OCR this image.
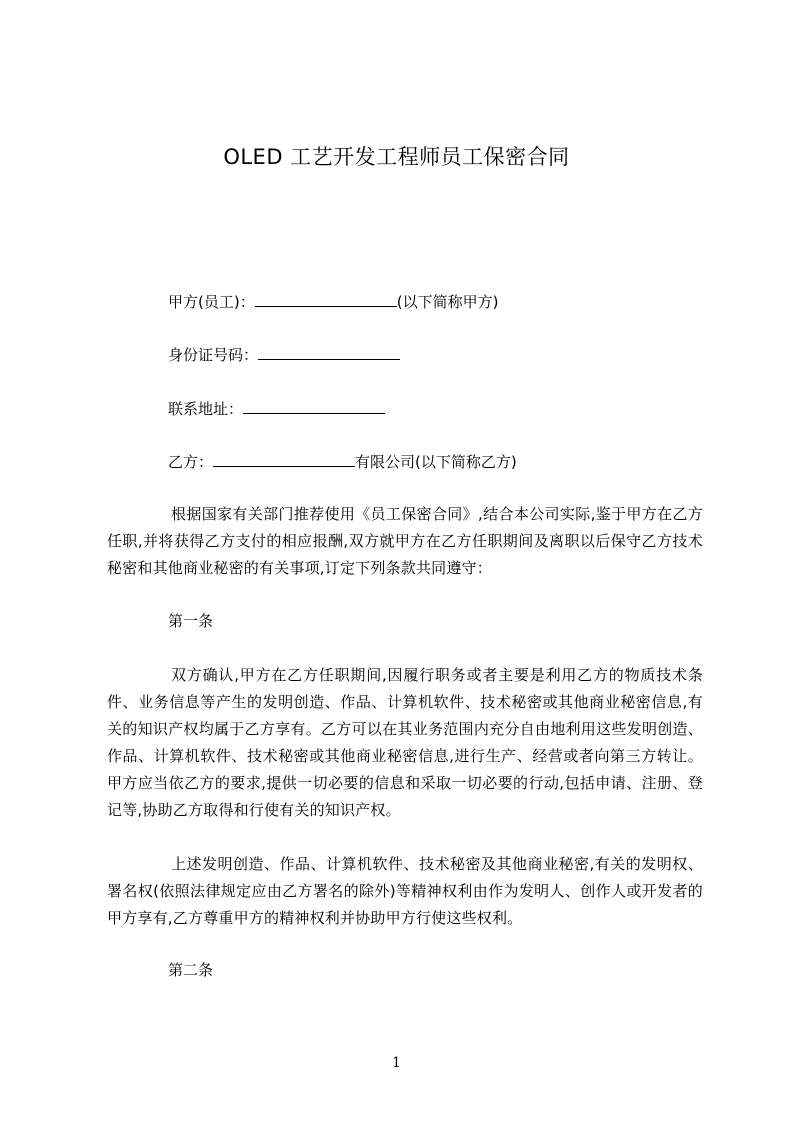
OLED 工艺开发工程师员工保密合同
甲方(员工)：	(以下简称甲方)
身份证号码：
联系地址：
乙方：	有限公司(以下简称乙方)
根据国家有关部门推荐使用《员工保密合同》,结合本公司实际,鉴于甲方在乙方任职,并将获得乙方支付的相应报酬,双方就甲方在乙方任职期间及离职以后保守乙方技术秘密和其他商业秘密的有关事项,订定下列条款共同遵守：
第一条
双方确认,甲方在乙方任职期间,因履行职务或者主要是利用乙方的物质技术条件、业务信息等产生的发明创造、作品、计算机软件、技术秘密或其他商业秘密信息,有关的知识产权均属于乙方享有。乙方可以在其业务范围内充分自由地利用这些发明创造、作品、计算机软件、技术秘密或其他商业秘密信息,进行生产、经营或者向第三方转让。甲方应当依乙方的要求,提供一切必要的信息和采取一切必要的行动,包括申请、注册、登记等,协助乙方取得和行使有关的知识产权。
上述发明创造、作品、计算机软件、技术秘密及其他商业秘密,有关的发明权、署名权(依照法律规定应由乙方署名的除外)等精神权利由作为发明人、创作人或开发者的甲方享有,乙方尊重甲方的精神权利并协助甲方行使这些权利。
第二条
1
